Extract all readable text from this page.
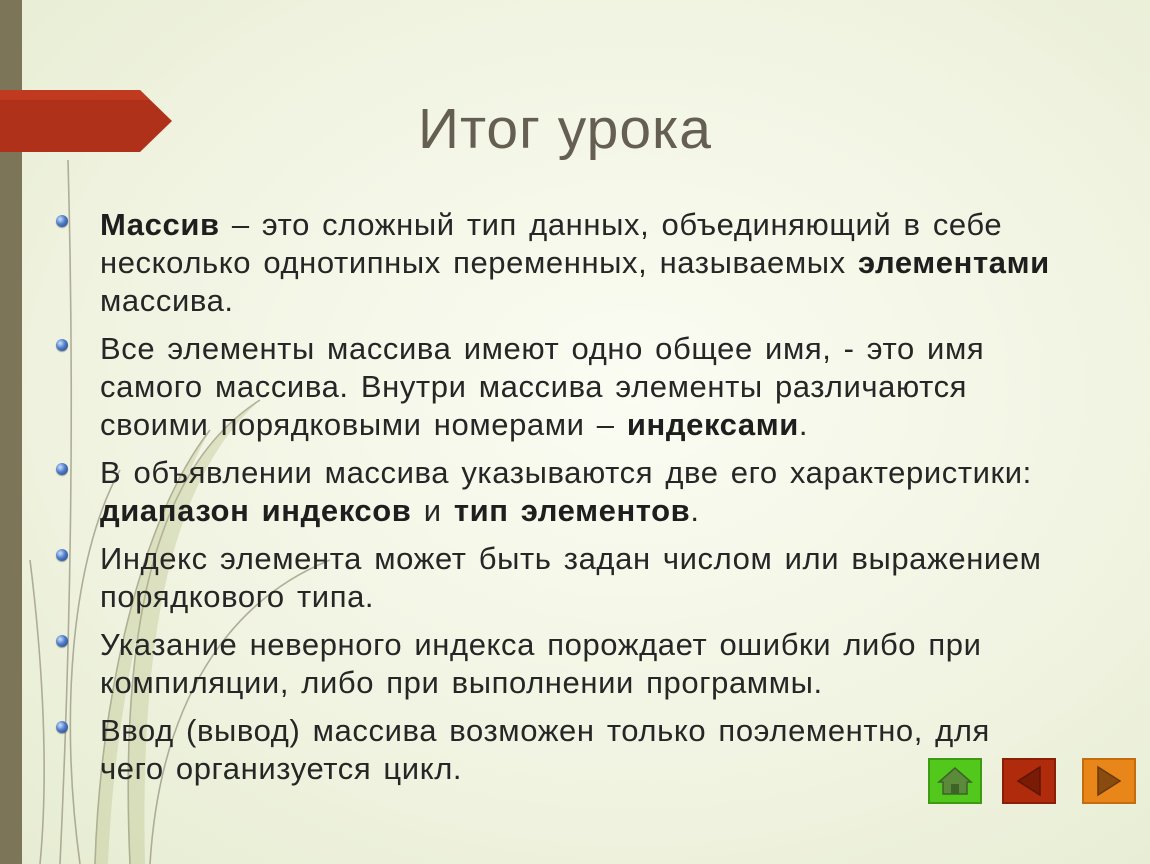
Итог урока
Массив – это сложный тип данных, объединяющий в себе несколько однотипных переменных, называемых элементами массива.
Все элементы массива имеют одно общее имя, - это имя самого массива. Внутри массива элементы различаются своими порядковыми номерами – индексами.
В объявлении массива указываются две его характеристики: диапазон индексов и тип элементов.
Индекс элемента может быть задан числом или выражением порядкового типа.
Указание неверного индекса порождает ошибки либо при компиляции, либо при выполнении программы.
Ввод (вывод) массива возможен только поэлементно, для чего организуется цикл.
